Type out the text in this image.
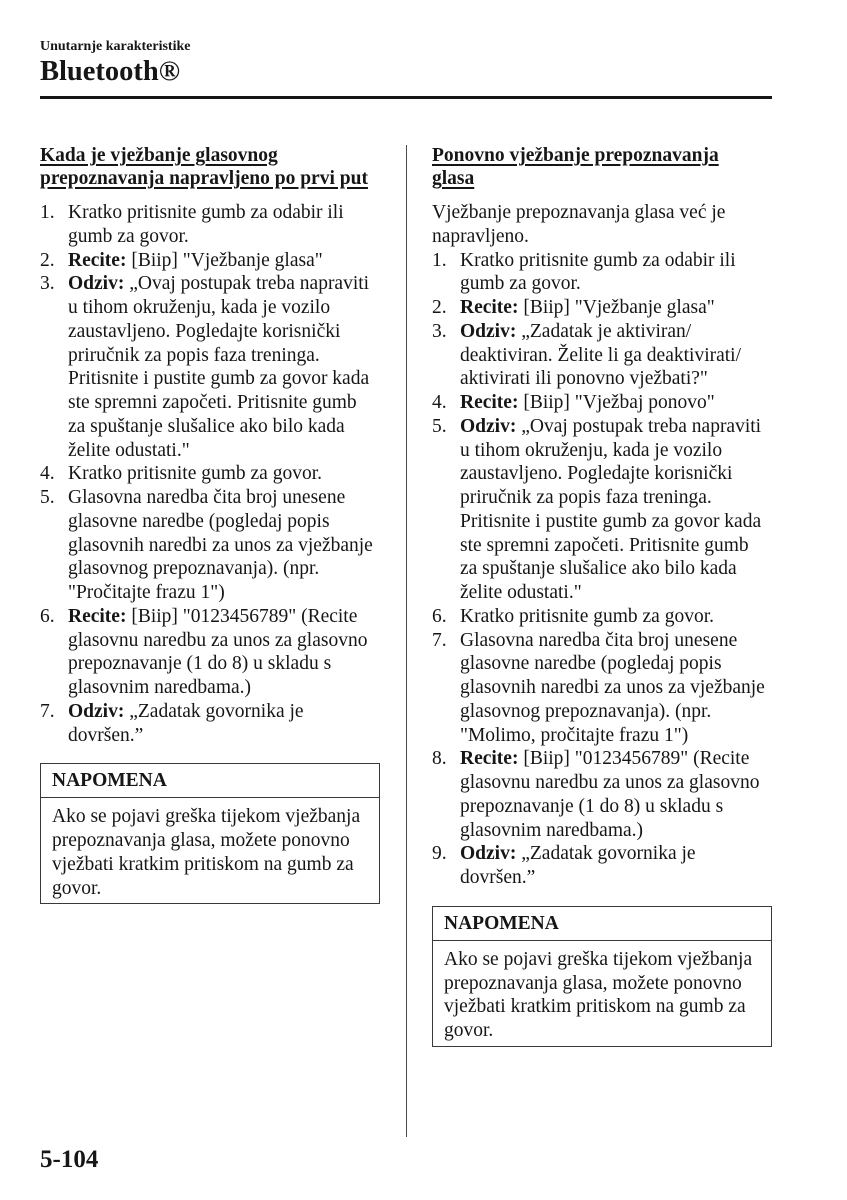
Unutarnje karakteristike
Bluetooth®
Kada je vježbanje glasovnog
prepoznavanja napravljeno po prvi put
1. Kratko pritisnite gumb za odabir ili
gumb za govor.
2. Recite: [Biip] "Vježbanje glasa"
3. Odziv: „Ovaj postupak treba napraviti
u tihom okruženju, kada je vozilo
zaustavljeno. Pogledajte korisnički
priručnik za popis faza treninga.
Pritisnite i pustite gumb za govor kada
ste spremni započeti. Pritisnite gumb
za spuštanje slušalice ako bilo kada
želite odustati."
4. Kratko pritisnite gumb za govor.
5. Glasovna naredba čita broj unesene
glasovne naredbe (pogledaj popis
glasovnih naredbi za unos za vježbanje
glasovnog prepoznavanja). (npr.
"Pročitajte frazu 1")
6. Recite: [Biip] "0123456789" (Recite
glasovnu naredbu za unos za glasovno
prepoznavanje (1 do 8) u skladu s
glasovnim naredbama.)
7. Odziv: „Zadatak govornika je
dovršen.”
NAPOMENA
Ako se pojavi greška tijekom vježbanja
prepoznavanja glasa, možete ponovno
vježbati kratkim pritiskom na gumb za
govor.
Ponovno vježbanje prepoznavanja
glasa
Vježbanje prepoznavanja glasa već je
napravljeno.
1. Kratko pritisnite gumb za odabir ili
gumb za govor.
2. Recite: [Biip] "Vježbanje glasa"
3. Odziv: „Zadatak je aktiviran/
deaktiviran. Želite li ga deaktivirati/
aktivirati ili ponovno vježbati?"
4. Recite: [Biip] "Vježbaj ponovo"
5. Odziv: „Ovaj postupak treba napraviti
u tihom okruženju, kada je vozilo
zaustavljeno. Pogledajte korisnički
priručnik za popis faza treninga.
Pritisnite i pustite gumb za govor kada
ste spremni započeti. Pritisnite gumb
za spuštanje slušalice ako bilo kada
želite odustati."
6. Kratko pritisnite gumb za govor.
7. Glasovna naredba čita broj unesene
glasovne naredbe (pogledaj popis
glasovnih naredbi za unos za vježbanje
glasovnog prepoznavanja). (npr.
"Molimo, pročitajte frazu 1")
8. Recite: [Biip] "0123456789" (Recite
glasovnu naredbu za unos za glasovno
prepoznavanje (1 do 8) u skladu s
glasovnim naredbama.)
9. Odziv: „Zadatak govornika je
dovršen.”
NAPOMENA
Ako se pojavi greška tijekom vježbanja
prepoznavanja glasa, možete ponovno
vježbati kratkim pritiskom na gumb za
govor.
5-104
